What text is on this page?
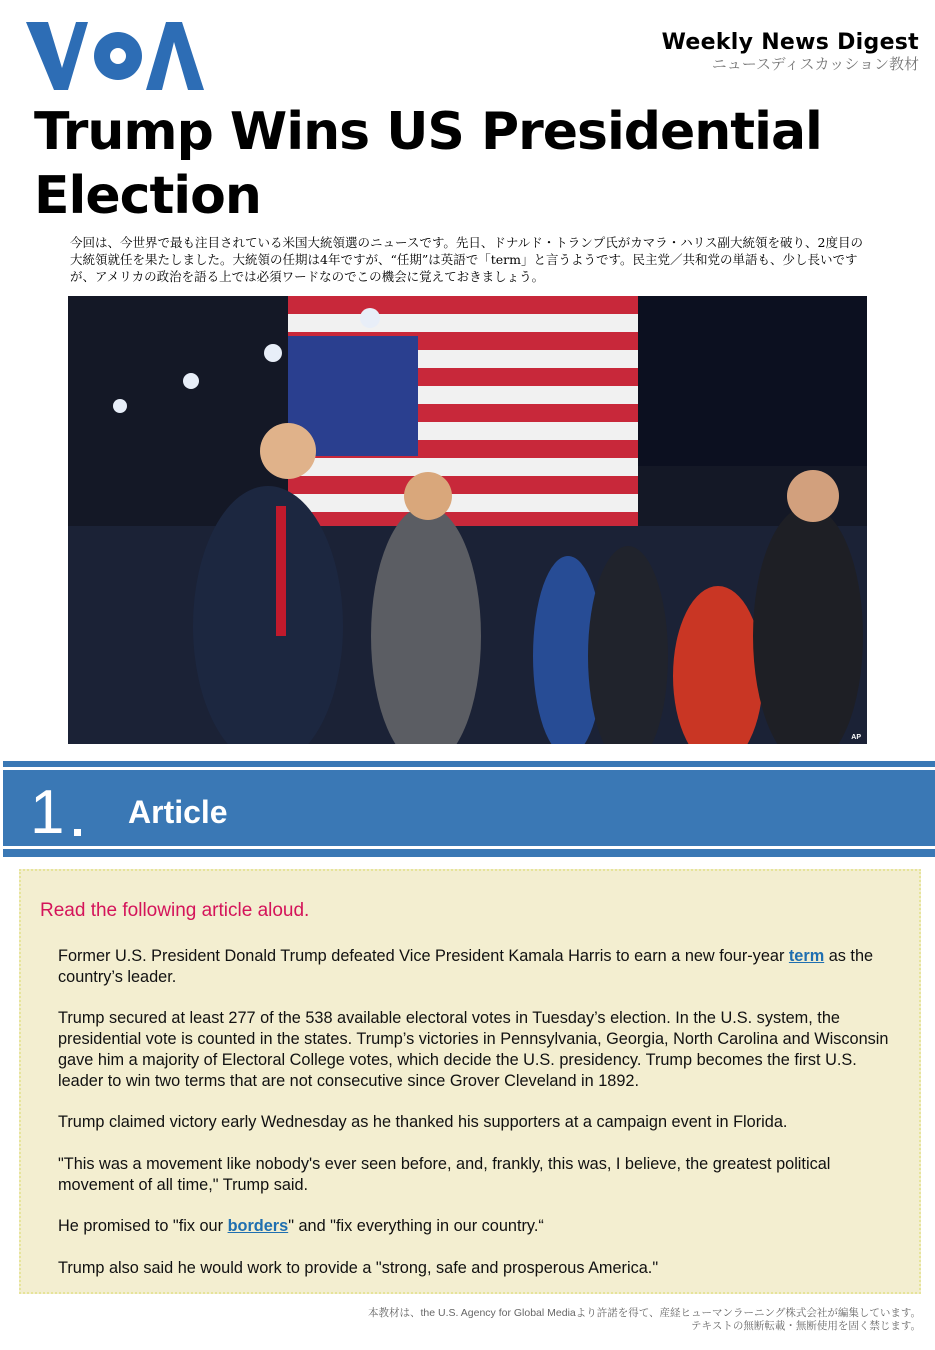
Weekly News Digest
ニュースディスカッション教材
Trump Wins US Presidential Election
今回は、今世界で最も注目されている米国大統領選のニュースです。先日、ドナルド・トランプ氏がカマラ・ハリス副大統領を破り、2度目の大統領就任を果たしました。大統領の任期は4年ですが、“任期”は英語で「term」と言うようです。民主党／共和党の単語も、少し長いですが、アメリカの政治を語る上では必須ワードなのでこの機会に覚えておきましょう。
AP
1 Article
Read the following article aloud.

Former U.S. President Donald Trump defeated Vice President Kamala Harris to earn a new four-year term as the country’s leader.

Trump secured at least 277 of the 538 available electoral votes in Tuesday’s election. In the U.S. system, the presidential vote is counted in the states. Trump’s victories in Pennsylvania, Georgia, North Carolina and Wisconsin gave him a majority of Electoral College votes, which decide the U.S. presidency. Trump becomes the first U.S. leader to win two terms that are not consecutive since Grover Cleveland in 1892.

Trump claimed victory early Wednesday as he thanked his supporters at a campaign event in Florida.

"This was a movement like nobody's ever seen before, and, frankly, this was, I believe, the greatest political movement of all time," Trump said.

He promised to "fix our borders" and "fix everything in our country.“

Trump also said he would work to provide a "strong, safe and prosperous America."

本教材は、the U.S. Agency for Global Mediaより許諾を得て、産経ヒューマンラーニング株式会社が編集しています。
テキストの無断転載・無断使用を固く禁じます。
